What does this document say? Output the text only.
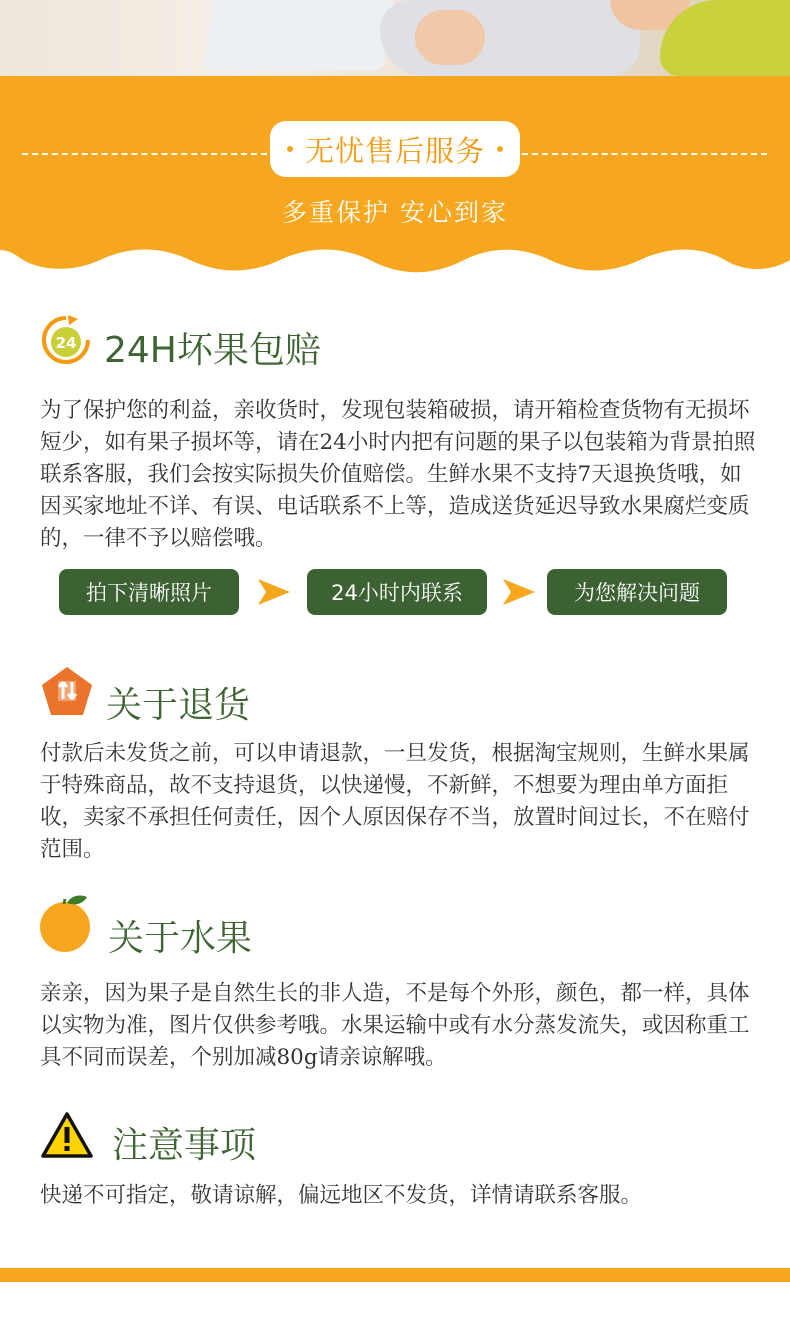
无忧售后服务
多重保护 安心到家
24 24H坏果包赔
为了保护您的利益，亲收货时，发现包装箱破损，请开箱检查货物有无损坏短少，如有果子损坏等，请在24小时内把有问题的果子以包装箱为背景拍照联系客服，我们会按实际损失价值赔偿。生鲜水果不支持7天退换货哦，如因买家地址不详、有误、电话联系不上等，造成送货延迟导致水果腐烂变质的，一律不予以赔偿哦。
拍下清晰照片	24小时内联系	为您解决问题
关于退货
付款后未发货之前，可以申请退款，一旦发货，根据淘宝规则，生鲜水果属于特殊商品，故不支持退货，以快递慢，不新鲜，不想要为理由单方面拒收，卖家不承担任何责任，因个人原因保存不当，放置时间过长，不在赔付范围。
关于水果
亲亲，因为果子是自然生长的非人造，不是每个外形，颜色，都一样，具体以实物为准，图片仅供参考哦。水果运输中或有水分蒸发流失，或因称重工具不同而误差，个别加减80g请亲谅解哦。
注意事项
快递不可指定，敬请谅解，偏远地区不发货，详情请联系客服。
